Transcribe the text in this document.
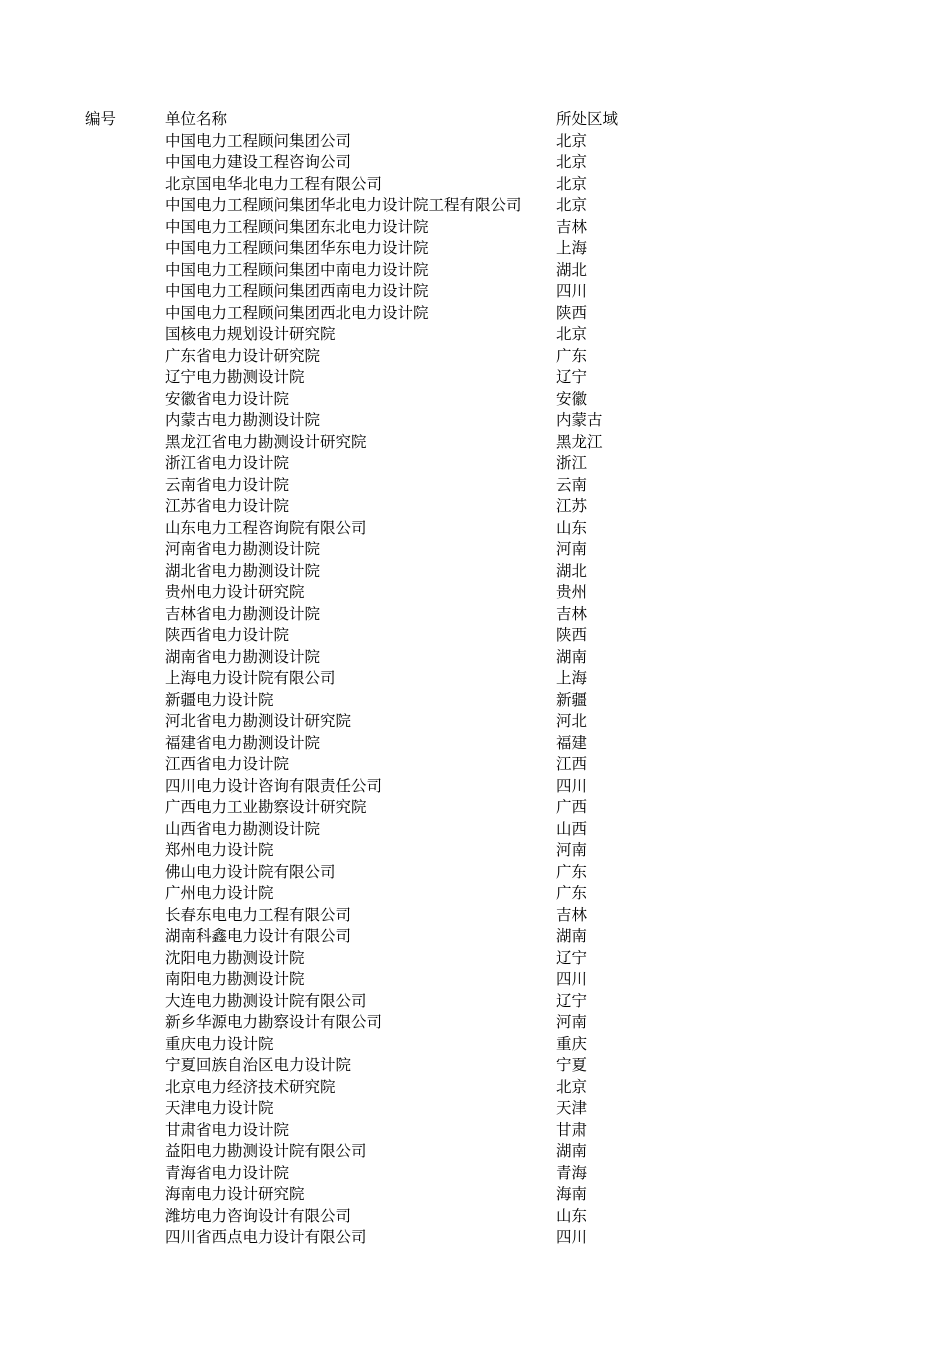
编号	单位名称	所处区域
中国电力工程顾问集团公司	北京
中国电力建设工程咨询公司	北京
北京国电华北电力工程有限公司	北京
中国电力工程顾问集团华北电力设计院工程有限公司 北京
中国电力工程顾问集团东北电力设计院	吉林
中国电力工程顾问集团华东电力设计院	上海
中国电力工程顾问集团中南电力设计院	湖北
中国电力工程顾问集团西南电力设计院	四川
中国电力工程顾问集团西北电力设计院	陕西
国核电力规划设计研究院	北京
广东省电力设计研究院	广东
辽宁电力勘测设计院	辽宁
安徽省电力设计院	安徽
内蒙古电力勘测设计院	内蒙古
黑龙江省电力勘测设计研究院	黑龙江
浙江省电力设计院	浙江
云南省电力设计院	云南
江苏省电力设计院	江苏
山东电力工程咨询院有限公司	山东
河南省电力勘测设计院	河南
湖北省电力勘测设计院	湖北
贵州电力设计研究院	贵州
吉林省电力勘测设计院	吉林
陕西省电力设计院	陕西
湖南省电力勘测设计院	湖南
上海电力设计院有限公司	上海
新疆电力设计院	新疆
河北省电力勘测设计研究院	河北
福建省电力勘测设计院	福建
江西省电力设计院	江西
四川电力设计咨询有限责任公司	四川
广西电力工业勘察设计研究院	广西
山西省电力勘测设计院	山西
郑州电力设计院	河南
佛山电力设计院有限公司	广东
广州电力设计院	广东
长春东电电力工程有限公司	吉林
湖南科鑫电力设计有限公司	湖南
沈阳电力勘测设计院	辽宁
南阳电力勘测设计院	四川
大连电力勘测设计院有限公司	辽宁
新乡华源电力勘察设计有限公司	河南
重庆电力设计院	重庆
宁夏回族自治区电力设计院	宁夏
北京电力经济技术研究院	北京
天津电力设计院	天津
甘肃省电力设计院	甘肃
益阳电力勘测设计院有限公司	湖南
青海省电力设计院	青海
海南电力设计研究院	海南
潍坊电力咨询设计有限公司	山东
四川省西点电力设计有限公司	四川
